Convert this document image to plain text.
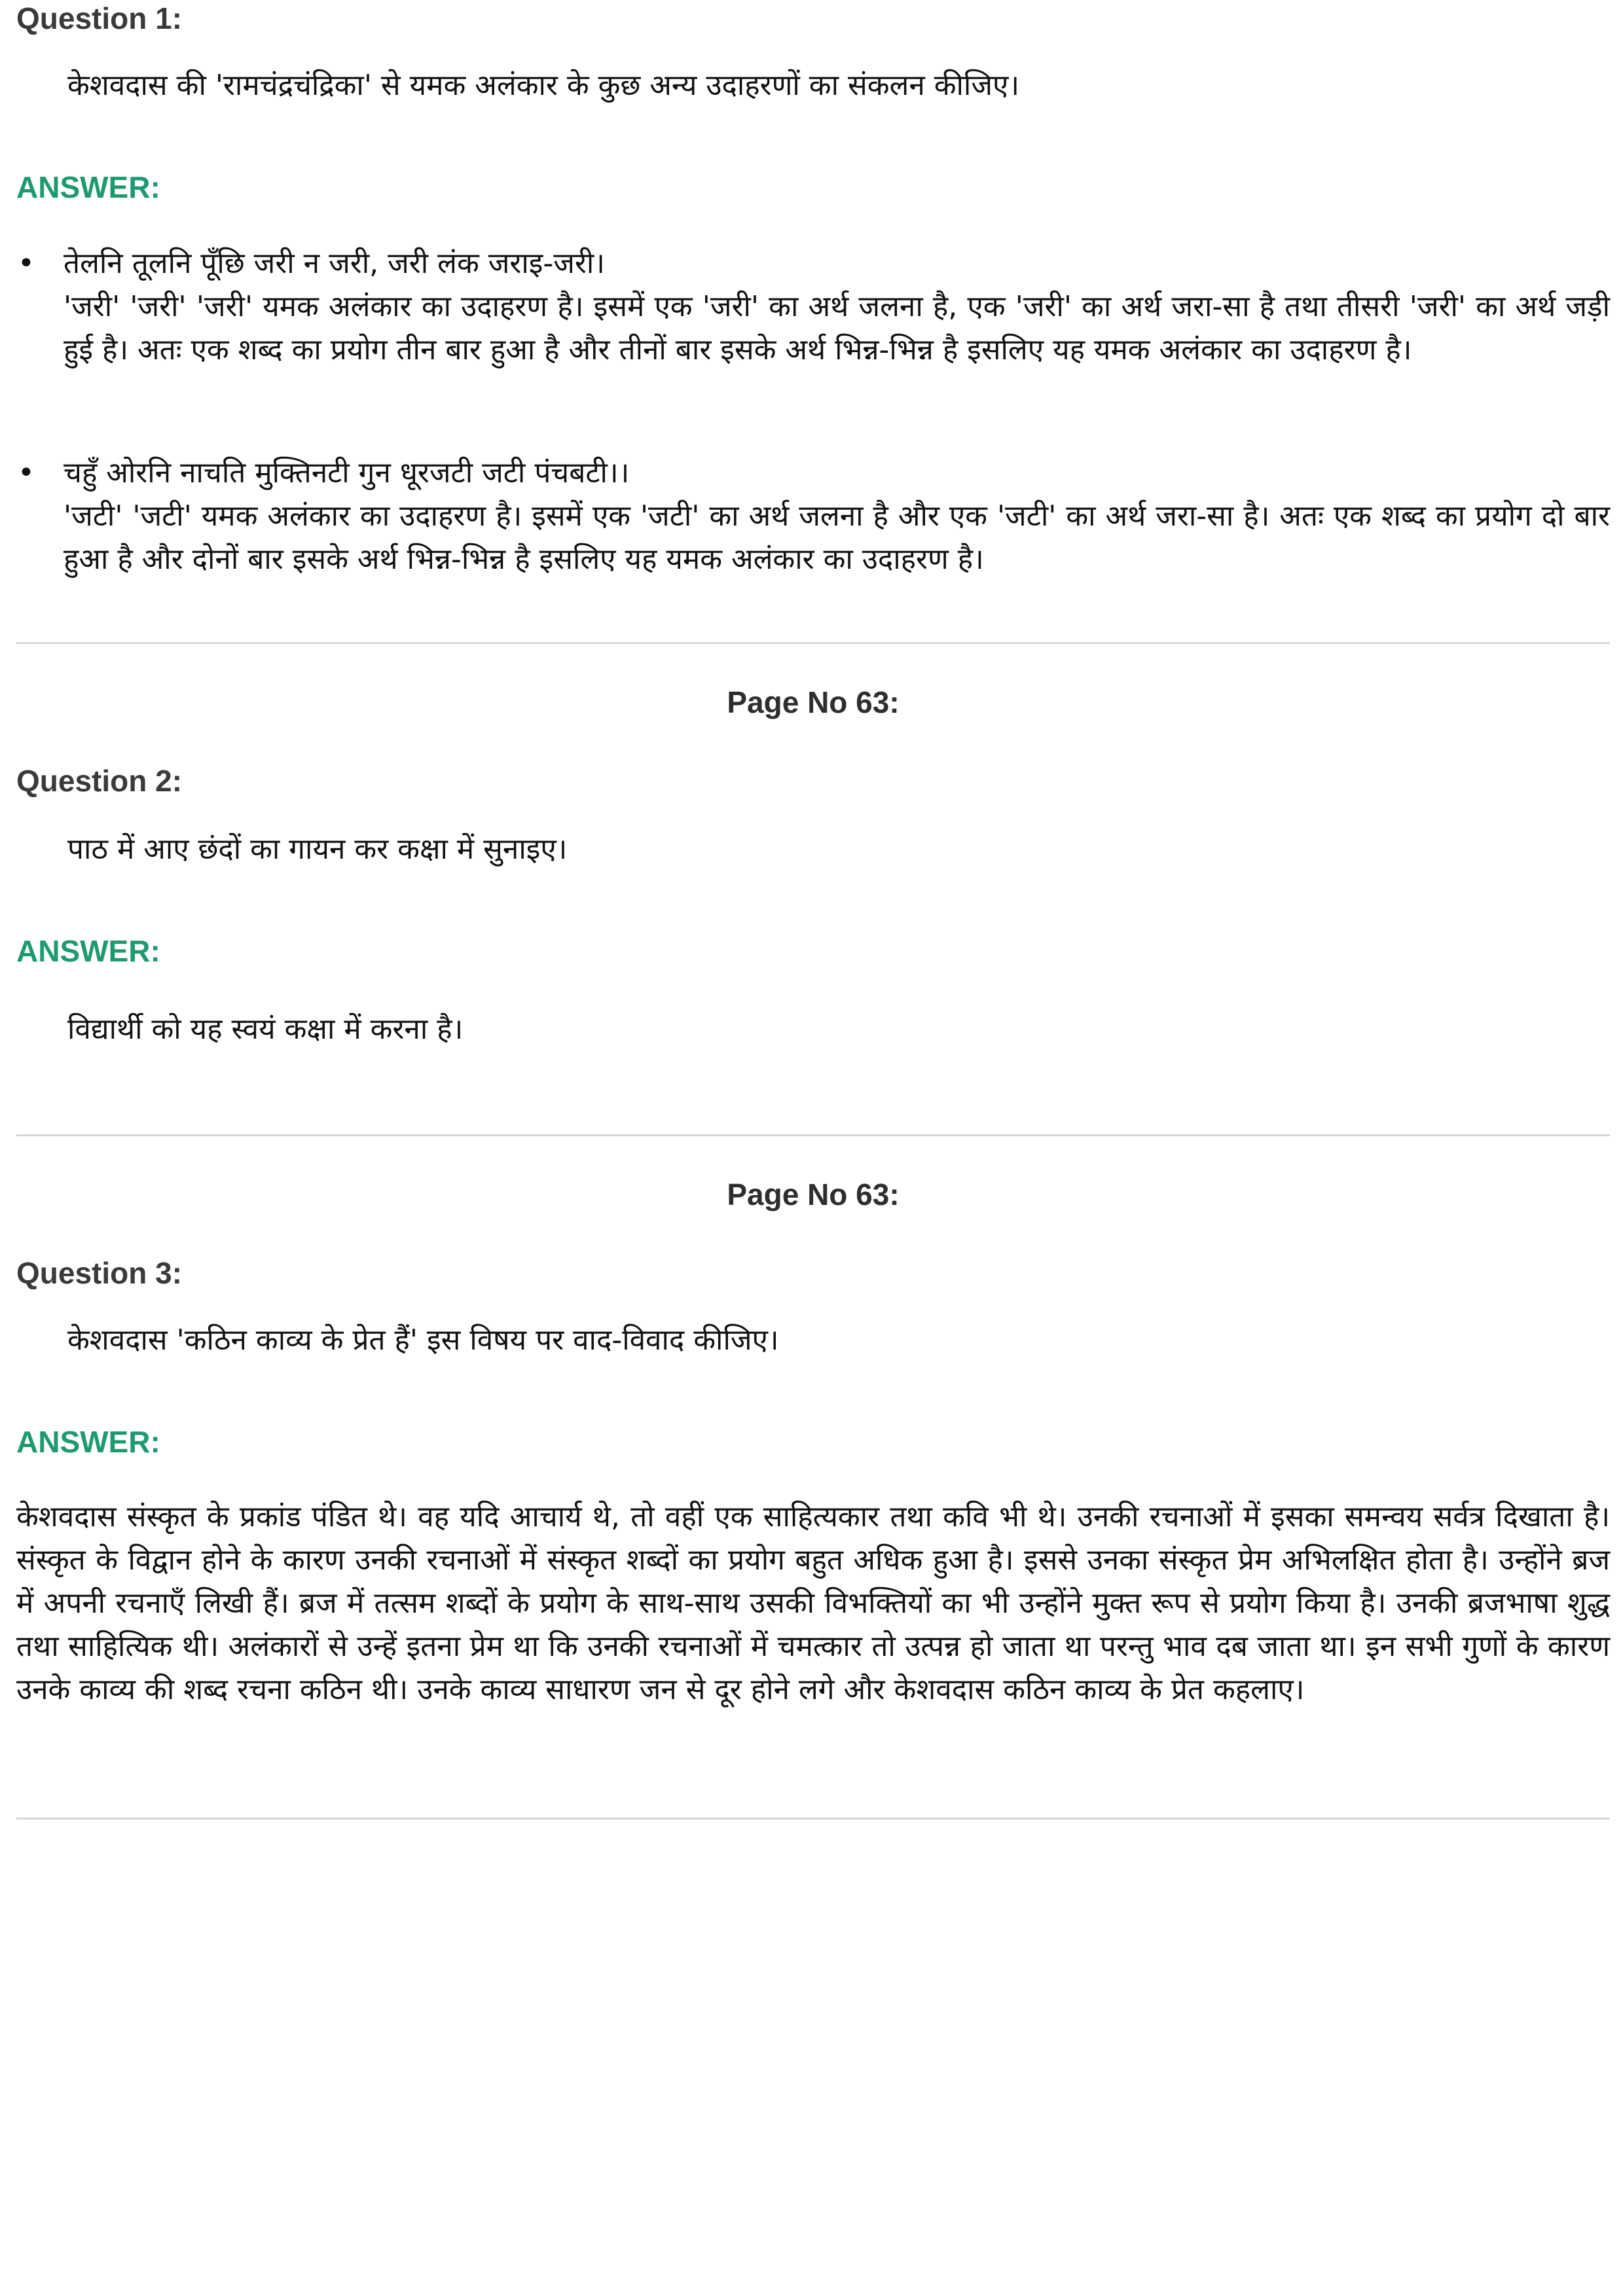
Question 1:
केशवदास की 'रामचंद्रचंद्रिका' से यमक अलंकार के कुछ अन्य उदाहरणों का संकलन कीजिए।
ANSWER:
• तेलनि तूलनि पूँछि जरी न जरी, जरी लंक जराइ-जरी।
'जरी' 'जरी' 'जरी' यमक अलंकार का उदाहरण है। इसमें एक 'जरी' का अर्थ जलना है, एक 'जरी' का अर्थ जरा-सा है तथा तीसरी 'जरी' का अर्थ जड़ी हुई है। अतः एक शब्द का प्रयोग तीन बार हुआ है और तीनों बार इसके अर्थ भिन्न-भिन्न है इसलिए यह यमक अलंकार का उदाहरण है।
• चहुँ ओरनि नाचति मुक्तिनटी गुन धूरजटी जटी पंचबटी।।
'जटी' 'जटी' यमक अलंकार का उदाहरण है। इसमें एक 'जटी' का अर्थ जलना है और एक 'जटी' का अर्थ जरा-सा है। अतः एक शब्द का प्रयोग दो बार हुआ है और दोनों बार इसके अर्थ भिन्न-भिन्न है इसलिए यह यमक अलंकार का उदाहरण है।
Page No 63:
Question 2:
पाठ में आए छंदों का गायन कर कक्षा में सुनाइए।
ANSWER:
विद्यार्थी को यह स्वयं कक्षा में करना है।
Page No 63:
Question 3:
केशवदास 'कठिन काव्य के प्रेत हैं' इस विषय पर वाद-विवाद कीजिए।
ANSWER:
केशवदास संस्कृत के प्रकांड पंडित थे। वह यदि आचार्य थे, तो वहीं एक साहित्यकार तथा कवि भी थे। उनकी रचनाओं में इसका समन्वय सर्वत्र दिखाता है। संस्कृत के विद्वान होने के कारण उनकी रचनाओं में संस्कृत शब्दों का प्रयोग बहुत अधिक हुआ है। इससे उनका संस्कृत प्रेम अभिलक्षित होता है। उन्होंने ब्रज में अपनी रचनाएँ लिखी हैं। ब्रज में तत्सम शब्दों के प्रयोग के साथ-साथ उसकी विभक्तियों का भी उन्होंने मुक्त रूप से प्रयोग किया है। उनकी ब्रजभाषा शुद्ध तथा साहित्यिक थी। अलंकारों से उन्हें इतना प्रेम था कि उनकी रचनाओं में चमत्कार तो उत्पन्न हो जाता था परन्तु भाव दब जाता था। इन सभी गुणों के कारण उनके काव्य की शब्द रचना कठिन थी। उनके काव्य साधारण जन से दूर होने लगे और केशवदास कठिन काव्य के प्रेत कहलाए।
